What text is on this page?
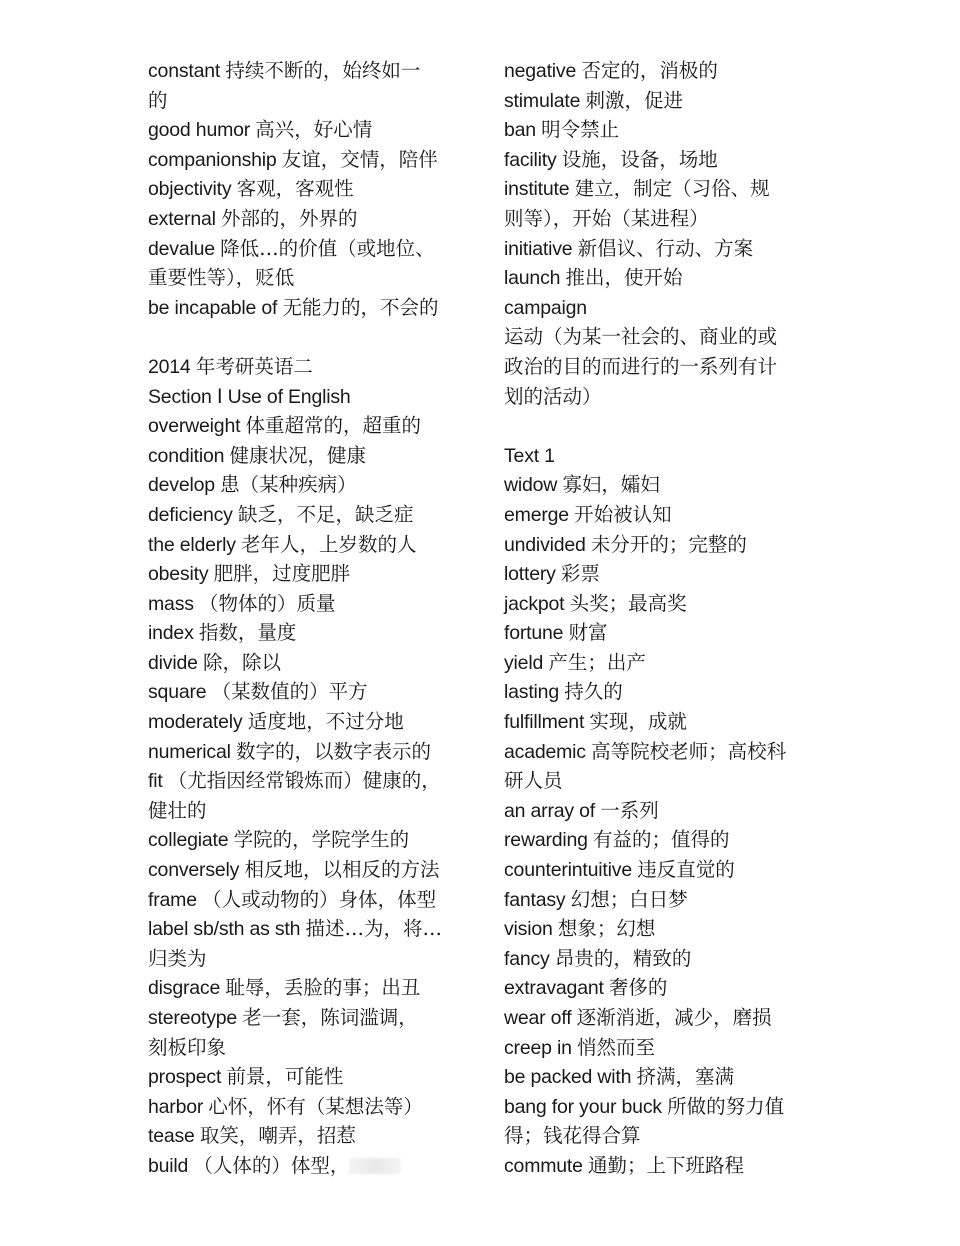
constant 持续不断的，始终如一
的
good humor 高兴，好心情
companionship 友谊，交情，陪伴
objectivity 客观，客观性
external 外部的，外界的
devalue 降低…的价值（或地位、
重要性等），贬低
be incapable of 无能力的，不会的
2014 年考研英语二
Section Ⅰ Use of English
overweight 体重超常的，超重的
condition 健康状况，健康
develop 患（某种疾病）
deficiency 缺乏，不足，缺乏症
the elderly 老年人，上岁数的人
obesity 肥胖，过度肥胖
mass （物体的）质量
index 指数，量度
divide 除，除以
square （某数值的）平方
moderately 适度地，不过分地
numerical 数字的，以数字表示的
fit （尤指因经常锻炼而）健康的，
健壮的
collegiate 学院的，学院学生的
conversely 相反地，以相反的方法
frame （人或动物的）身体，体型
label sb/sth as sth 描述…为，将…
归类为
disgrace 耻辱，丢脸的事；出丑
stereotype 老一套，陈词滥调，
刻板印象
prospect 前景，可能性
harbor 心怀，怀有（某想法等）
tease 取笑，嘲弄，招惹
build （人体的）体型，
negative 否定的，消极的
stimulate 刺激，促进
ban 明令禁止
facility 设施，设备，场地
institute 建立，制定（习俗、规
则等），开始（某进程）
initiative 新倡议、行动、方案
launch 推出，使开始
campaign
运动（为某一社会的、商业的或
政治的目的而进行的一系列有计
划的活动）
Text 1
widow 寡妇，孀妇
emerge 开始被认知
undivided 未分开的；完整的
lottery 彩票
jackpot 头奖；最高奖
fortune 财富
yield 产生；出产
lasting 持久的
fulfillment 实现，成就
academic 高等院校老师；高校科
研人员
an array of 一系列
rewarding 有益的；值得的
counterintuitive 违反直觉的
fantasy 幻想；白日梦
vision 想象；幻想
fancy 昂贵的，精致的
extravagant 奢侈的
wear off 逐渐消逝，减少，磨损
creep in 悄然而至
be packed with 挤满，塞满
bang for your buck 所做的努力值
得；钱花得合算
commute 通勤；上下班路程
